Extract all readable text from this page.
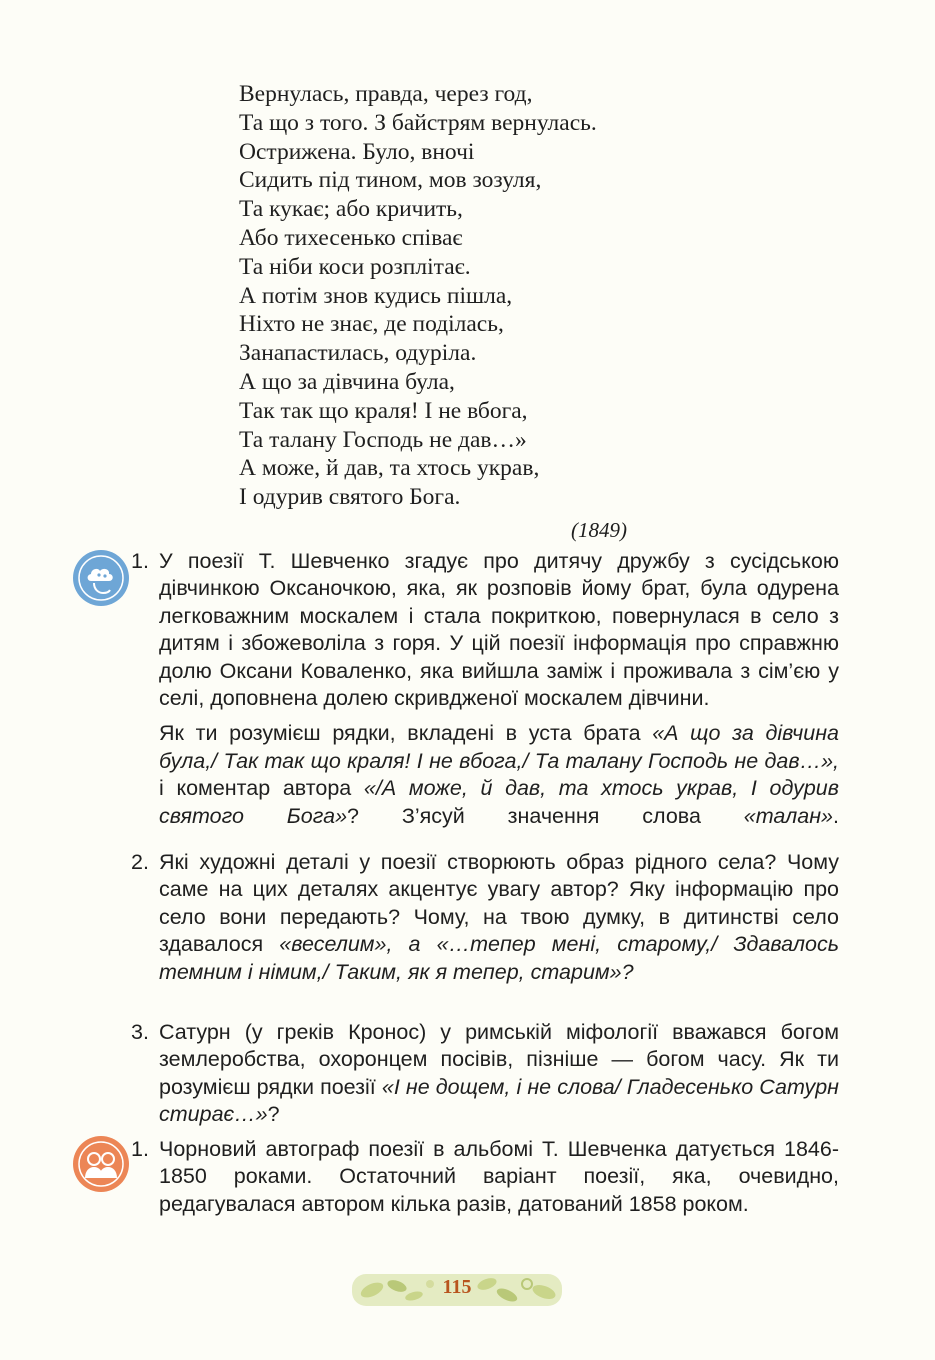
Вернулась, правда, через год,
Та що з того. З байстрям вернулась.
Острижена. Було, вночі
Сидить під тином, мов зозуля,
Та кукає; або кричить,
Або тихесенько співає
Та ніби коси розплітає.
А потім знов кудись пішла,
Ніхто не знає, де поділась,
Занапастилась, одуріла.
А що за дівчина була,
Так так що краля! І не вбога,
Та талану Господь не дав…»
А може, й дав, та хтось украв,
І одурив святого Бога.
(1849)
1. У поезії Т. Шевченко згадує про дитячу дружбу з сусідською дівчинкою Оксаночкою, яка, як розповів йому брат, була одурена легковажним москалем і стала покриткою, повернулася в село з дитям і збожеволіла з горя. У цій поезії інформація про справжню долю Оксани Коваленко, яка вийшла заміж і проживала з сім’єю у селі, доповнена долею скривдженої москалем дівчини.

Як ти розумієш рядки, вкладені в уста брата «А що за дівчина була,/ Так так що краля! І не вбога,/ Та талану Господь не дав…», і коментар автора «/А може, й дав, та хтось украв, І одурив святого Бога»? З’ясуй значення слова «талан».

2. Які художні деталі у поезії створюють образ рідного села? Чому саме на цих деталях акцентує увагу автор? Яку інформацію про село вони передають? Чому, на твою думку, в дитинстві село здавалося «веселим», а «…тепер мені, старому,/ Здавалось темним і німим,/ Таким, як я тепер, старим»?

3. Сатурн (у греків Кронос) у римській міфології вважався богом землеробства, охоронцем посівів, пізніше — богом часу. Як ти розумієш рядки поезії «І не дощем, і не слова/ Гладесенько Сатурн стирає…»?

1. Чорновий автограф поезії в альбомі Т. Шевченка датується 1846-1850 роками. Остаточний варіант поезії, яка, очевидно, редагувалася автором кілька разів, датований 1858 роком.

115
